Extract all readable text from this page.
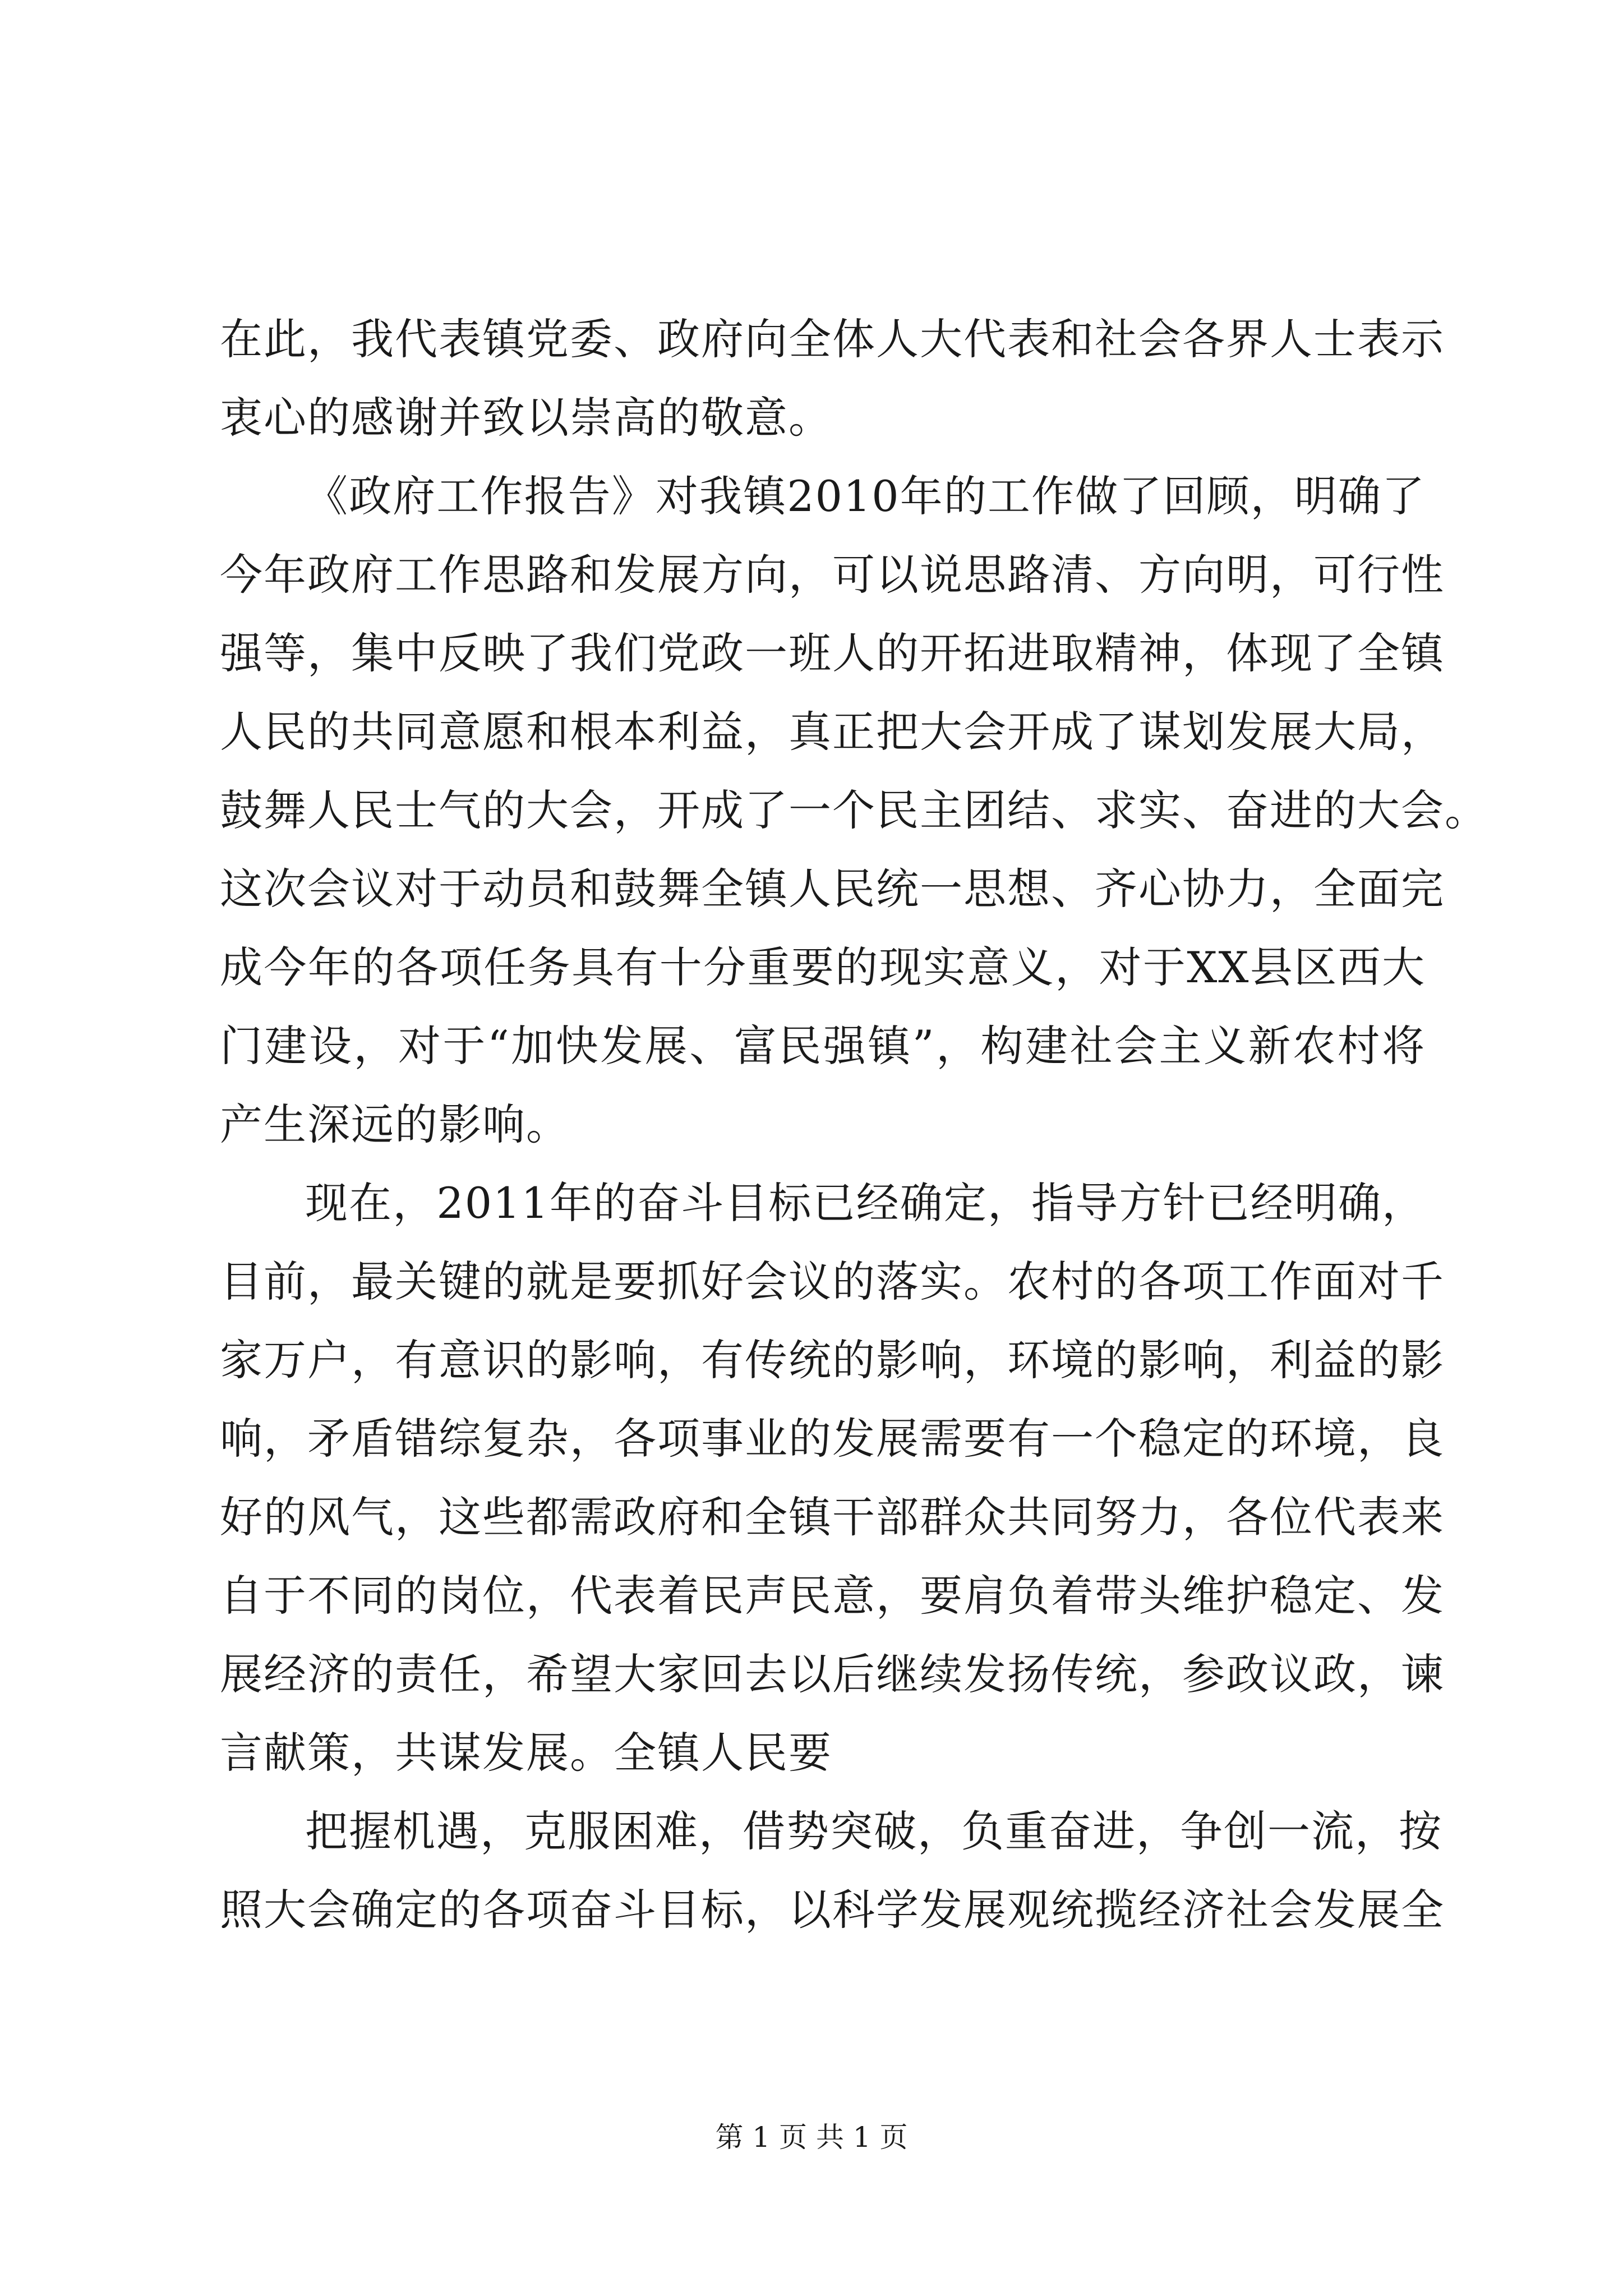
在此，我代表镇党委、政府向全体人大代表和社会各界人士表示
衷心的感谢并致以崇高的敬意。
《政府工作报告》对我镇2010年的工作做了回顾，明确了
今年政府工作思路和发展方向，可以说思路清、方向明，可行性
强等，集中反映了我们党政一班人的开拓进取精神，体现了全镇
人民的共同意愿和根本利益，真正把大会开成了谋划发展大局，
鼓舞人民士气的大会，开成了一个民主团结、求实、奋进的大会。
这次会议对于动员和鼓舞全镇人民统一思想、齐心协力，全面完
成今年的各项任务具有十分重要的现实意义，对于XX县区西大
门建设，对于“加快发展、富民强镇”，构建社会主义新农村将
产生深远的影响。
现在，2011年的奋斗目标已经确定，指导方针已经明确，
目前，最关键的就是要抓好会议的落实。农村的各项工作面对千
家万户，有意识的影响，有传统的影响，环境的影响，利益的影
响，矛盾错综复杂，各项事业的发展需要有一个稳定的环境，良
好的风气，这些都需政府和全镇干部群众共同努力，各位代表来
自于不同的岗位，代表着民声民意，要肩负着带头维护稳定、发
展经济的责任，希望大家回去以后继续发扬传统，参政议政，谏
言献策，共谋发展。全镇人民要
把握机遇，克服困难，借势突破，负重奋进，争创一流，按
照大会确定的各项奋斗目标，以科学发展观统揽经济社会发展全
第 1 页 共 1 页
